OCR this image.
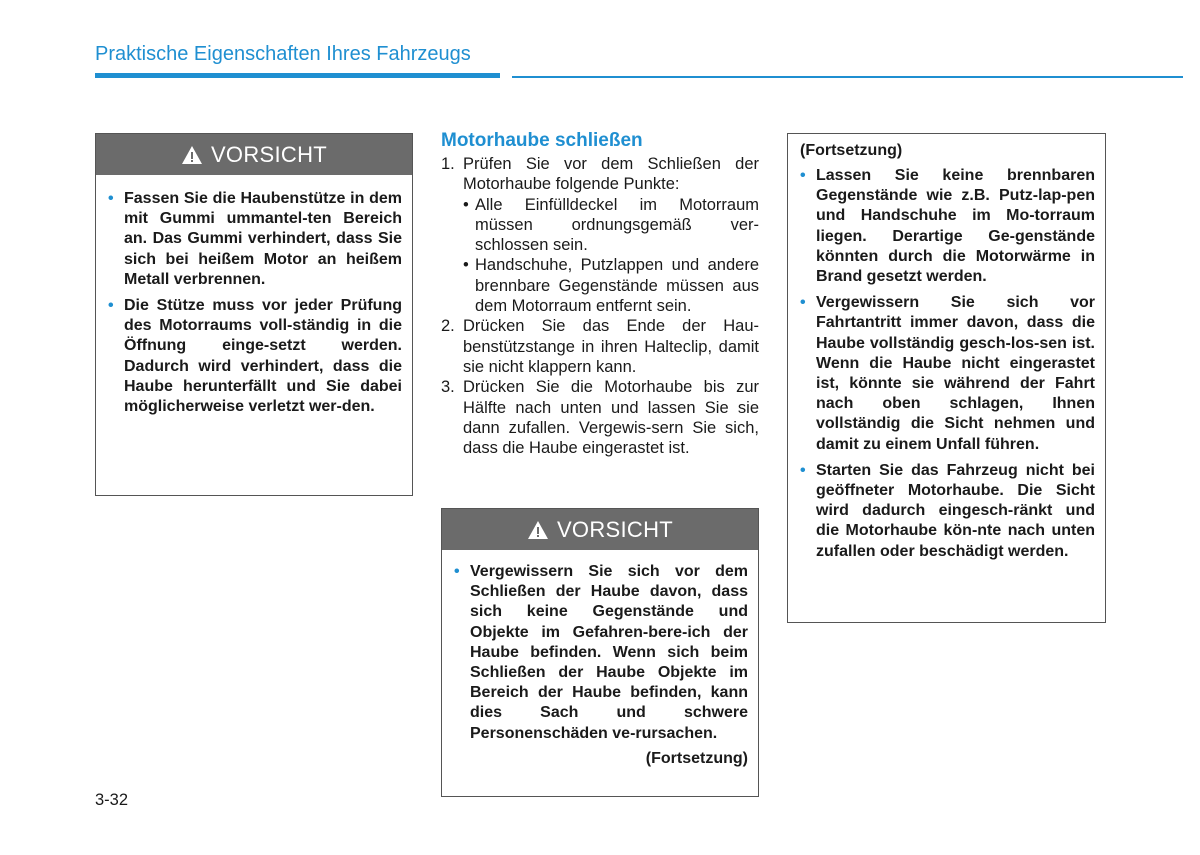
Praktische Eigenschaften Ihres Fahrzeugs
VORSICHT
• Fassen Sie die Haubenstütze in dem mit Gummi ummantel-ten Bereich an. Das Gummi verhindert, dass Sie sich bei heißem Motor an heißem Metall verbrennen.
• Die Stütze muss vor jeder Prüfung des Motorraums voll-ständig in die Öffnung einge-setzt werden. Dadurch wird verhindert, dass die Haube herunterfällt und Sie dabei möglicherweise verletzt wer-den.
Motorhaube schließen
1. Prüfen Sie vor dem Schließen der Motorhaube folgende Punkte:
• Alle Einfülldeckel im Motorraum müssen ordnungsgemäß ver-schlossen sein.
• Handschuhe, Putzlappen und andere brennbare Gegenstände müssen aus dem Motorraum entfernt sein.
2. Drücken Sie das Ende der Hau-benstützstange in ihren Halteclip, damit sie nicht klappern kann.
3. Drücken Sie die Motorhaube bis zur Hälfte nach unten und lassen Sie sie dann zufallen. Vergewis-sern Sie sich, dass die Haube eingerastet ist.
VORSICHT
• Vergewissern Sie sich vor dem Schließen der Haube davon, dass sich keine Gegenstände und Objekte im Gefahren-bere-ich der Haube befinden. Wenn sich beim Schließen der Haube Objekte im Bereich der Haube befinden, kann dies Sach und schwere Personenschäden ve-rursachen.
(Fortsetzung)
(Fortsetzung)
• Lassen Sie keine brennbaren Gegenstände wie z.B. Putz-lap-pen und Handschuhe im Mo-torraum liegen. Derartige Ge-genstände könnten durch die Motorwärme in Brand gesetzt werden.
• Vergewissern Sie sich vor Fahrtantritt immer davon, dass die Haube vollständig gesch-los-sen ist. Wenn die Haube nicht eingerastet ist, könnte sie während der Fahrt nach oben schlagen, Ihnen vollständig die Sicht nehmen und damit zu einem Unfall führen.
• Starten Sie das Fahrzeug nicht bei geöffneter Motorhaube. Die Sicht wird dadurch eingesch-ränkt und die Motorhaube kön-nte nach unten zufallen oder beschädigt werden.
3-32
